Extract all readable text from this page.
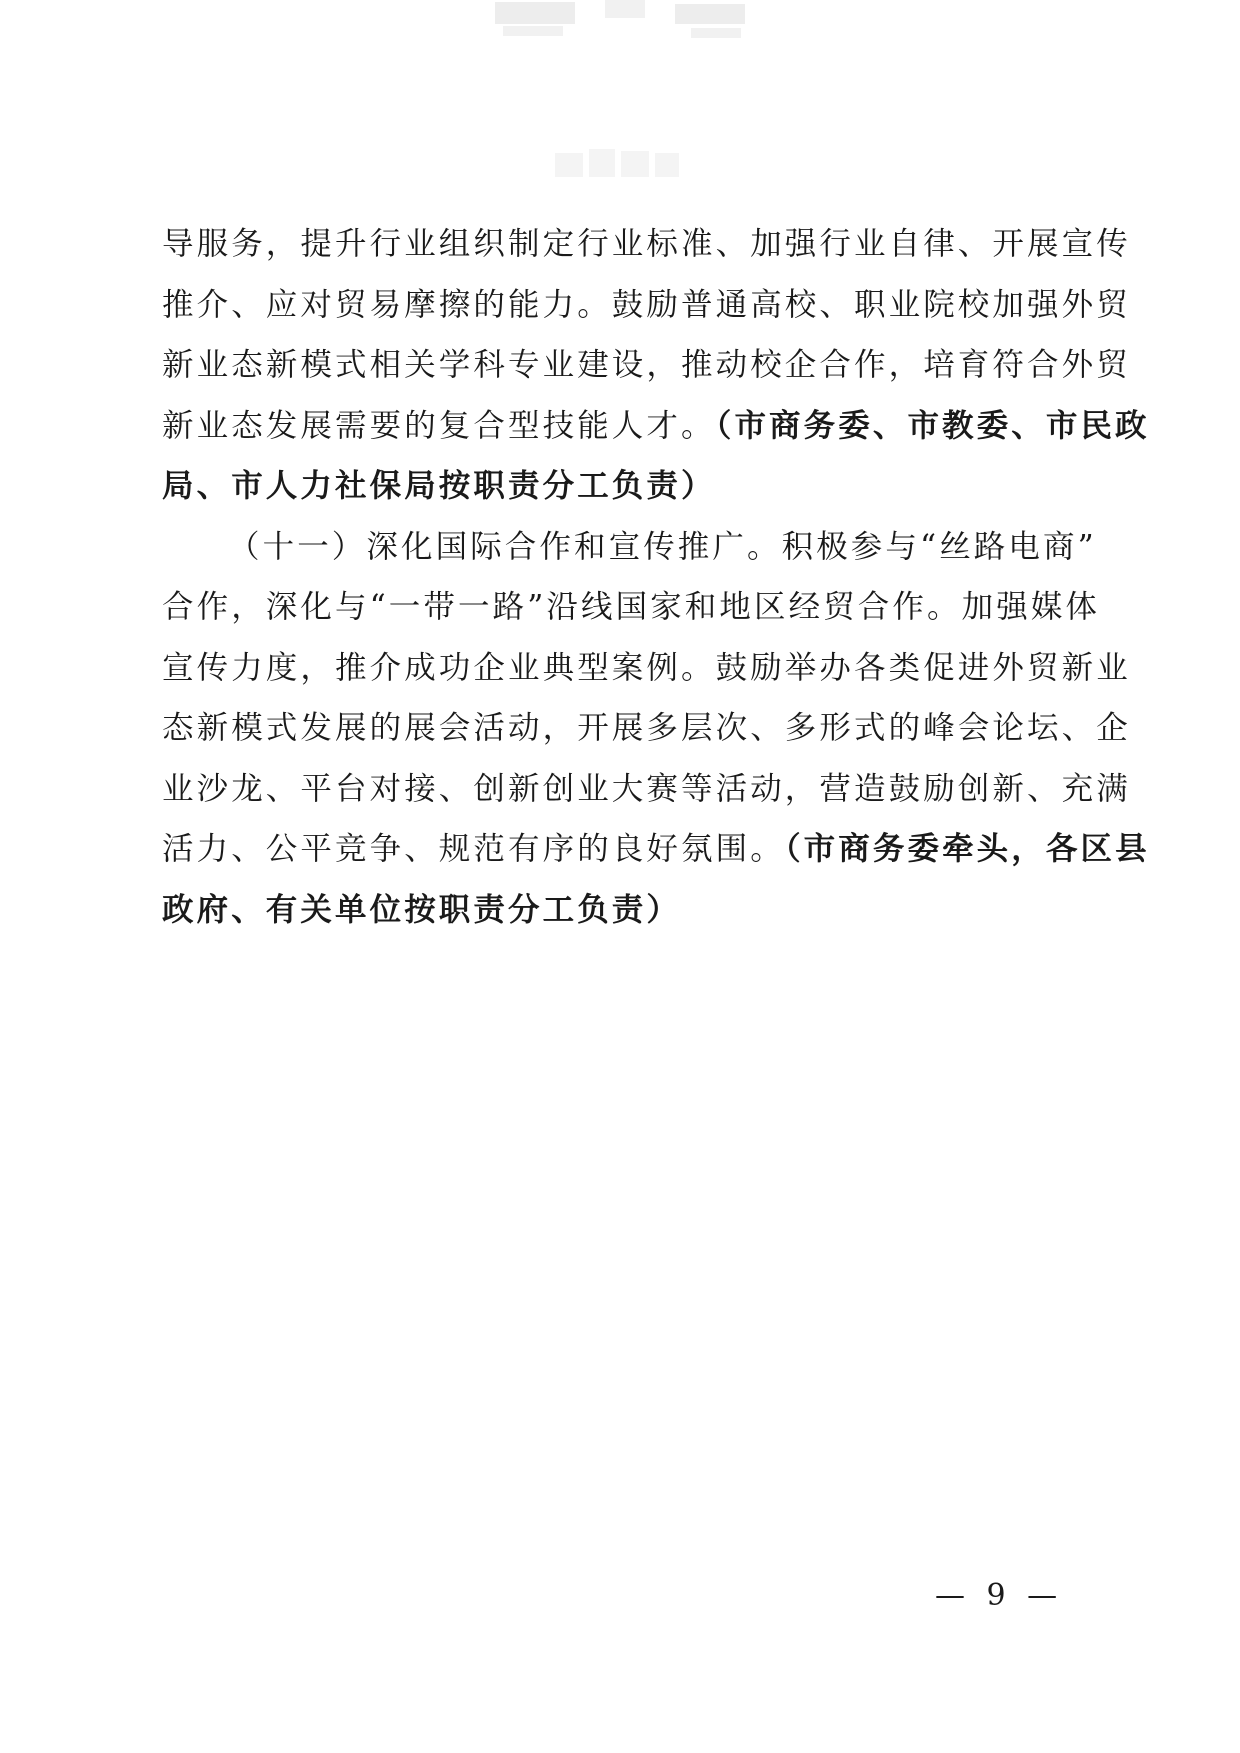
导服务，提升行业组织制定行业标准、加强行业自律、开展宣传
推介、应对贸易摩擦的能力。鼓励普通高校、职业院校加强外贸
新业态新模式相关学科专业建设，推动校企合作，培育符合外贸
新业态发展需要的复合型技能人才。（市商务委、市教委、市民政
局、市人力社保局按职责分工负责）
（十一）深化国际合作和宣传推广。积极参与“丝路电商”
合作，深化与“一带一路”沿线国家和地区经贸合作。加强媒体
宣传力度，推介成功企业典型案例。鼓励举办各类促进外贸新业
态新模式发展的展会活动，开展多层次、多形式的峰会论坛、企
业沙龙、平台对接、创新创业大赛等活动，营造鼓励创新、充满
活力、公平竞争、规范有序的良好氛围。（市商务委牵头，各区县
政府、有关单位按职责分工负责）
— 9 —
